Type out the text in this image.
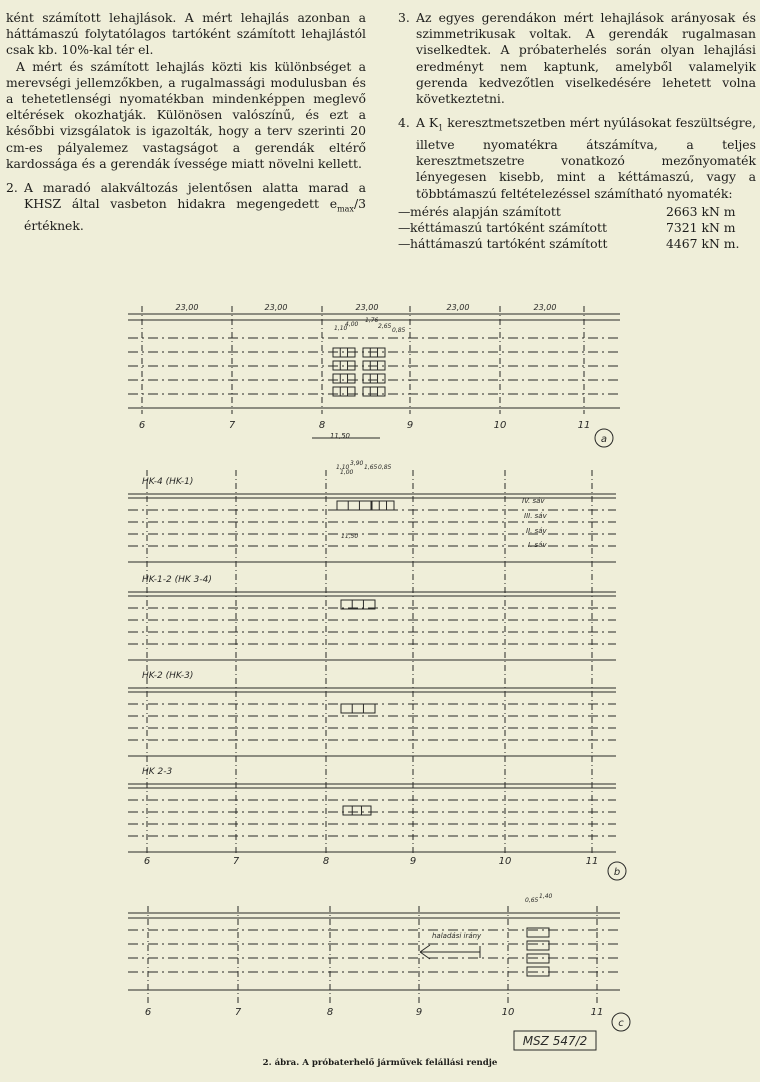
ként számított lehajlások. A mért lehajlás azonban a háttámaszú folytatólagos tartóként számított lehajlástól csak kb. 10%-kal tér el.

A mért és számított lehajlás közti kis különbséget a merevségi jellemzőkben, a rugalmassági modulusban és a tehetetlenségi nyomatékban mindenképpen meglevő eltérések okozhatják. Különösen valószínű, és ezt a későbbi vizsgálatok is igazolták, hogy a terv szerinti 20 cm-es pályalemez vastagságot a gerendák eltérő kardossága és a gerendák ívessége miatt növelni kellett.

2. A maradó alakváltozás jelentősen alatta marad a KHSZ által vasbeton hidakra megengedett $e_{max}/3$ értéknek.
3. Az egyes gerendákon mért lehajlások arányosak és szimmetrikusak voltak. A gerendák rugalmasan viselkedtek. A próbaterhelés során olyan lehajlási eredményt nem kaptunk, amelyből valamelyik gerenda kedvezőtlen viselkedésére lehetett volna következtetni.
4. A $K_1$ keresztmetszetben mért nyúlásokat feszültségre, illetve nyomatékra átszámítva, a teljes keresztmetszetre vonatkozó mezőnyomaték lényegesen kisebb, mint a kéttámaszú, vagy a többtámaszú feltételezéssel számítható nyomaték:
— mérés alapján számított	2663 kN m
— kéttámaszú tartóként számított	7321 kN m
— háttámaszú tartóként számított	4467 kN m.
23,00	23,00	23,00	23,00	23,00
1,10
4,00
1,76
2,65
0,85
11,50
6	7	8	9	10	11
a
HK-4 (HK-1)
HK-1-2 (HK 3-4)
HK-2 (HK-3)
HK 2-3
1,10
3,90
1,65 0,85
1,00
11,50
IV. sáv
III. sáv
II. sáv
I. sáv
6	7	8	9	10	11
b
0,65
1,40
haladási irány
6	7	8	9	10	11
c
MSZ 547/2
2. ábra. A próbaterhelő járművek felállási rendje
